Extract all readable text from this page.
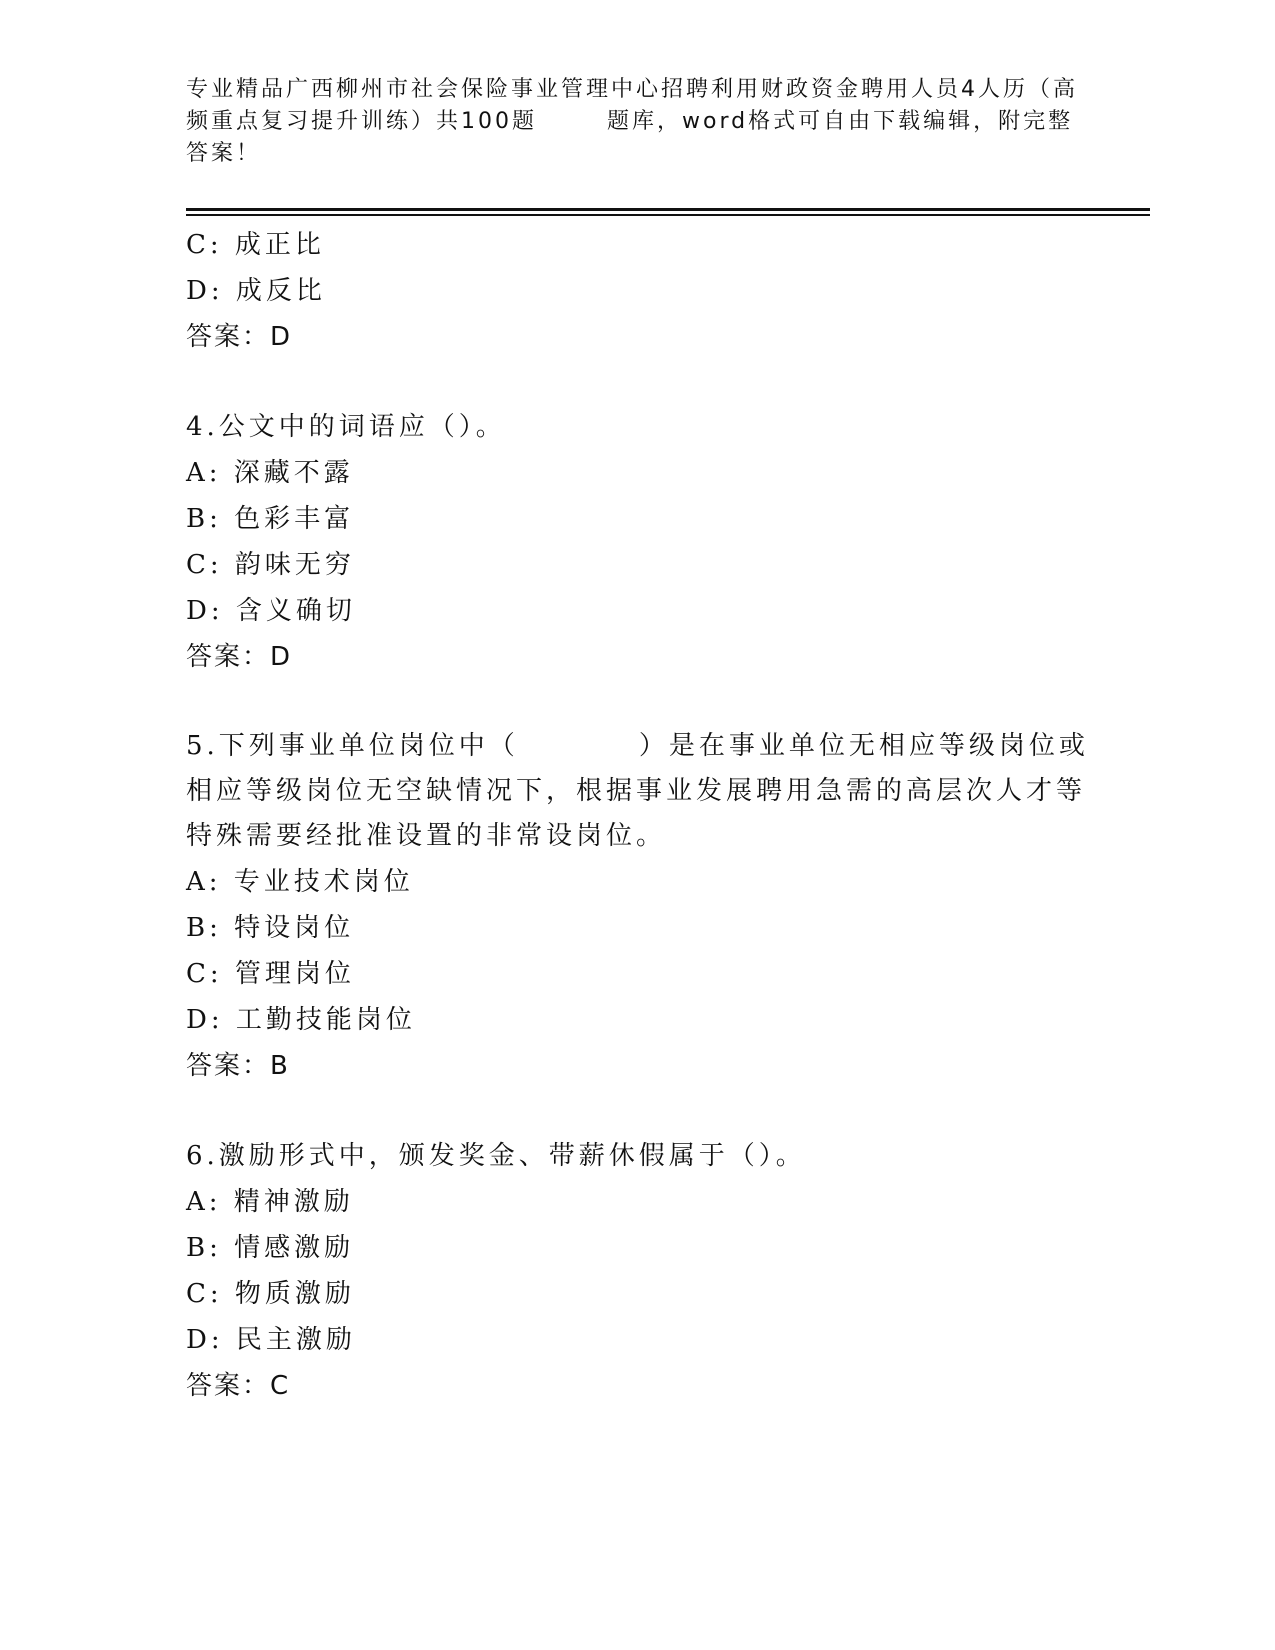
专业精品广西柳州市社会保险事业管理中心招聘利用财政资金聘用人员4人历（高
频重点复习提升训练）共100题	题库，word格式可自由下载编辑，附完整
答案！
C: 成正比
D: 成反比
答案：D
4.公文中的词语应（）。
A: 深藏不露
B: 色彩丰富
C: 韵味无穷
D: 含义确切
答案：D
5.下列事业单位岗位中（	）是在事业单位无相应等级岗位或
相应等级岗位无空缺情况下，根据事业发展聘用急需的高层次人才等
特殊需要经批准设置的非常设岗位。
A: 专业技术岗位
B: 特设岗位
C: 管理岗位
D: 工勤技能岗位
答案：B
6.激励形式中，颁发奖金、带薪休假属于（）。
A: 精神激励
B: 情感激励
C: 物质激励
D: 民主激励
答案：C
